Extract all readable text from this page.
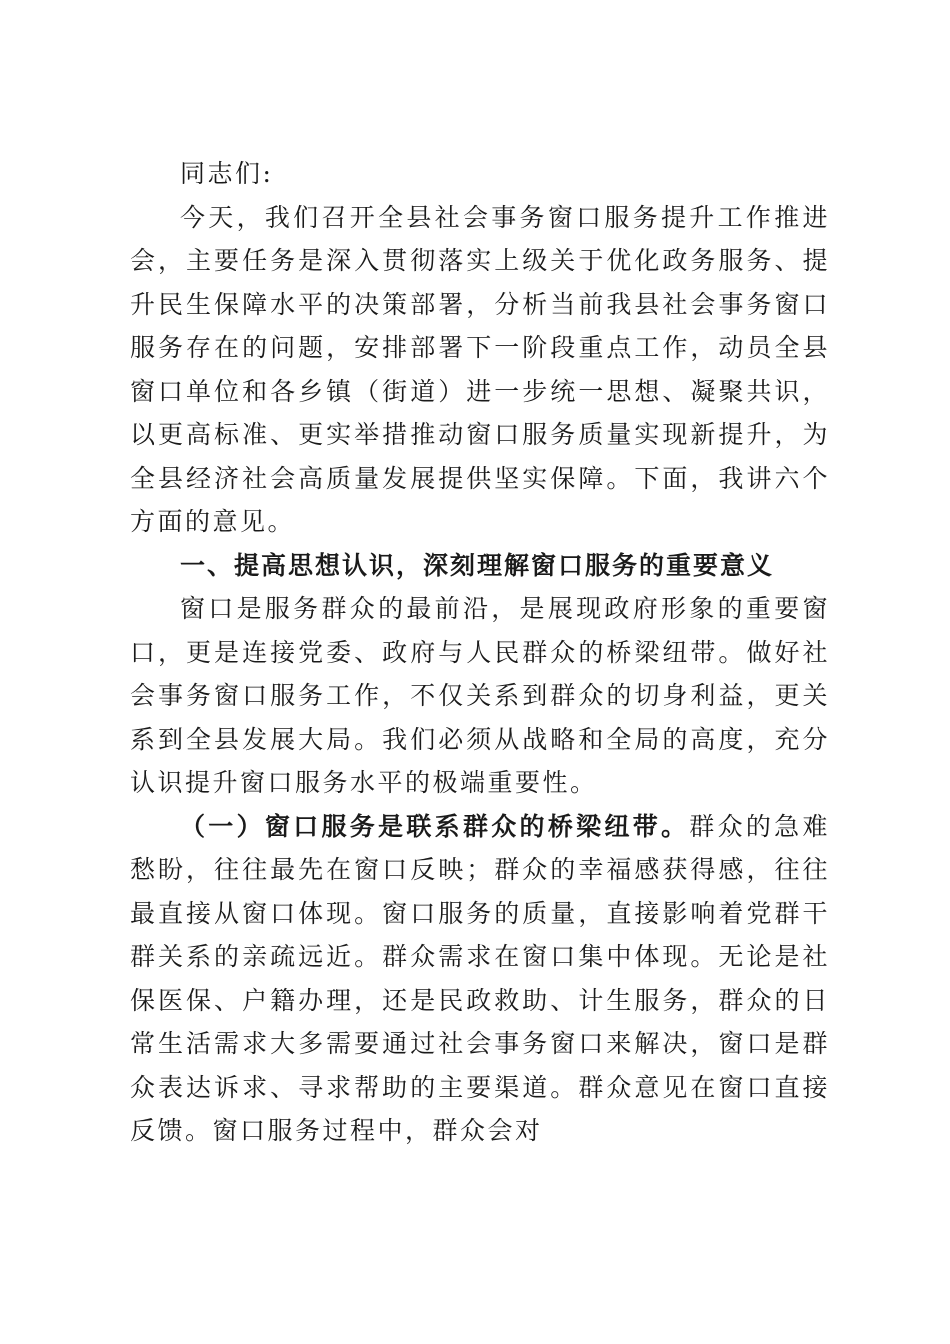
同志们:

今天，我们召开全县社会事务窗口服务提升工作推进会，主要任务是深入贯彻落实上级关于优化政务服务、提升民生保障水平的决策部署，分析当前我县社会事务窗口服务存在的问题，安排部署下一阶段重点工作，动员全县窗口单位和各乡镇（街道）进一步统一思想、凝聚共识，以更高标准、更实举措推动窗口服务质量实现新提升，为全县经济社会高质量发展提供坚实保障。下面，我讲六个方面的意见。

一、提高思想认识，深刻理解窗口服务的重要意义

窗口是服务群众的最前沿，是展现政府形象的重要窗口，更是连接党委、政府与人民群众的桥梁纽带。做好社会事务窗口服务工作，不仅关系到群众的切身利益，更关系到全县发展大局。我们必须从战略和全局的高度，充分认识提升窗口服务水平的极端重要性。

（一）窗口服务是联系群众的桥梁纽带。群众的急难愁盼，往往最先在窗口反映；群众的幸福感获得感，往往最直接从窗口体现。窗口服务的质量，直接影响着党群干群关系的亲疏远近。群众需求在窗口集中体现。无论是社保医保、户籍办理，还是民政救助、计生服务，群众的日常生活需求大多需要通过社会事务窗口来解决，窗口是群众表达诉求、寻求帮助的主要渠道。群众意见在窗口直接反馈。窗口服务过程中，群众会对
